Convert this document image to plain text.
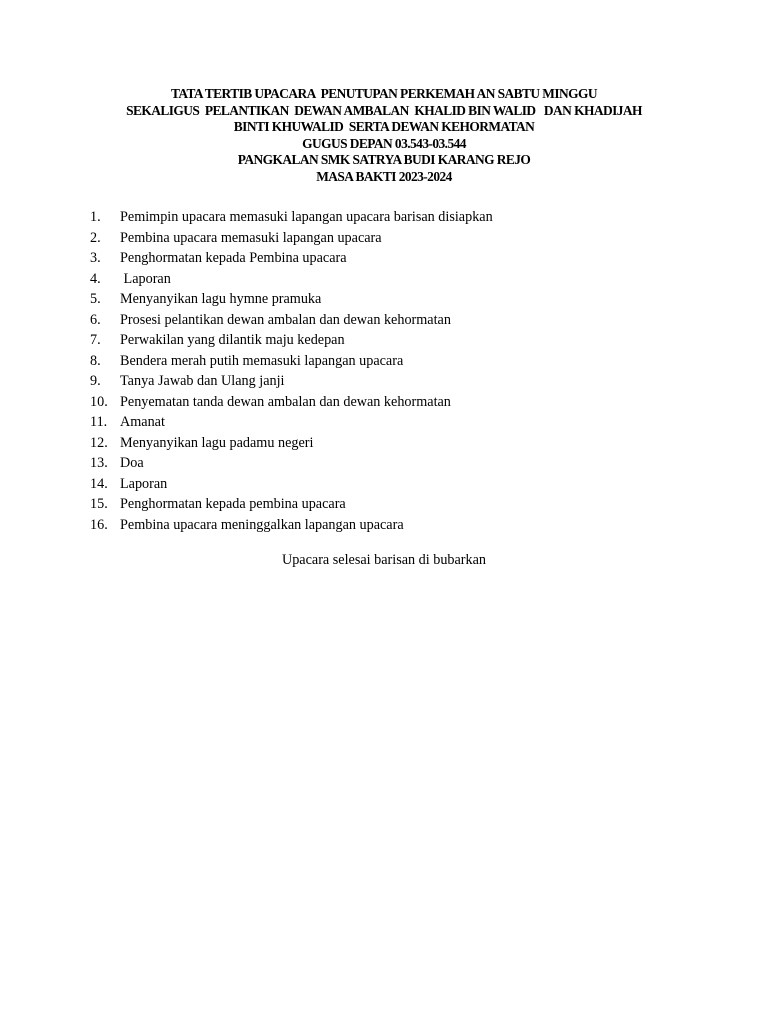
TATA TERTIB UPACARA  PENUTUPAN PERKEMAH AN SABTU MINGGU
SEKALIGUS  PELANTIKAN  DEWAN AMBALAN  KHALID BIN WALID   DAN KHADIJAH
BINTI KHUWALID  SERTA DEWAN KEHORMATAN
GUGUS DEPAN 03.543-03.544
PANGKALAN SMK SATRYA BUDI KARANG REJO
MASA BAKTI 2023-2024

1.

Pemimpin upacara memasuki lapangan upacara barisan disiapkan

2.

Pembina upacara memasuki lapangan upacara

3.

Penghormatan kepada Pembina upacara

4.

Laporan

5.

Menyanyikan lagu hymne pramuka

6.

Prosesi pelantikan dewan ambalan dan dewan kehormatan

7.

Perwakilan yang dilantik maju kedepan

8.

Bendera merah putih memasuki lapangan upacara

9.

Tanya Jawab dan Ulang janji

10.

Penyematan tanda dewan ambalan dan dewan kehormatan

11.

Amanat

12.

Menyanyikan lagu padamu negeri

13.

Doa

14.

Laporan

15.

Penghormatan kepada pembina upacara

16.

Pembina upacara meninggalkan lapangan upacara

Upacara selesai barisan di bubarkan
